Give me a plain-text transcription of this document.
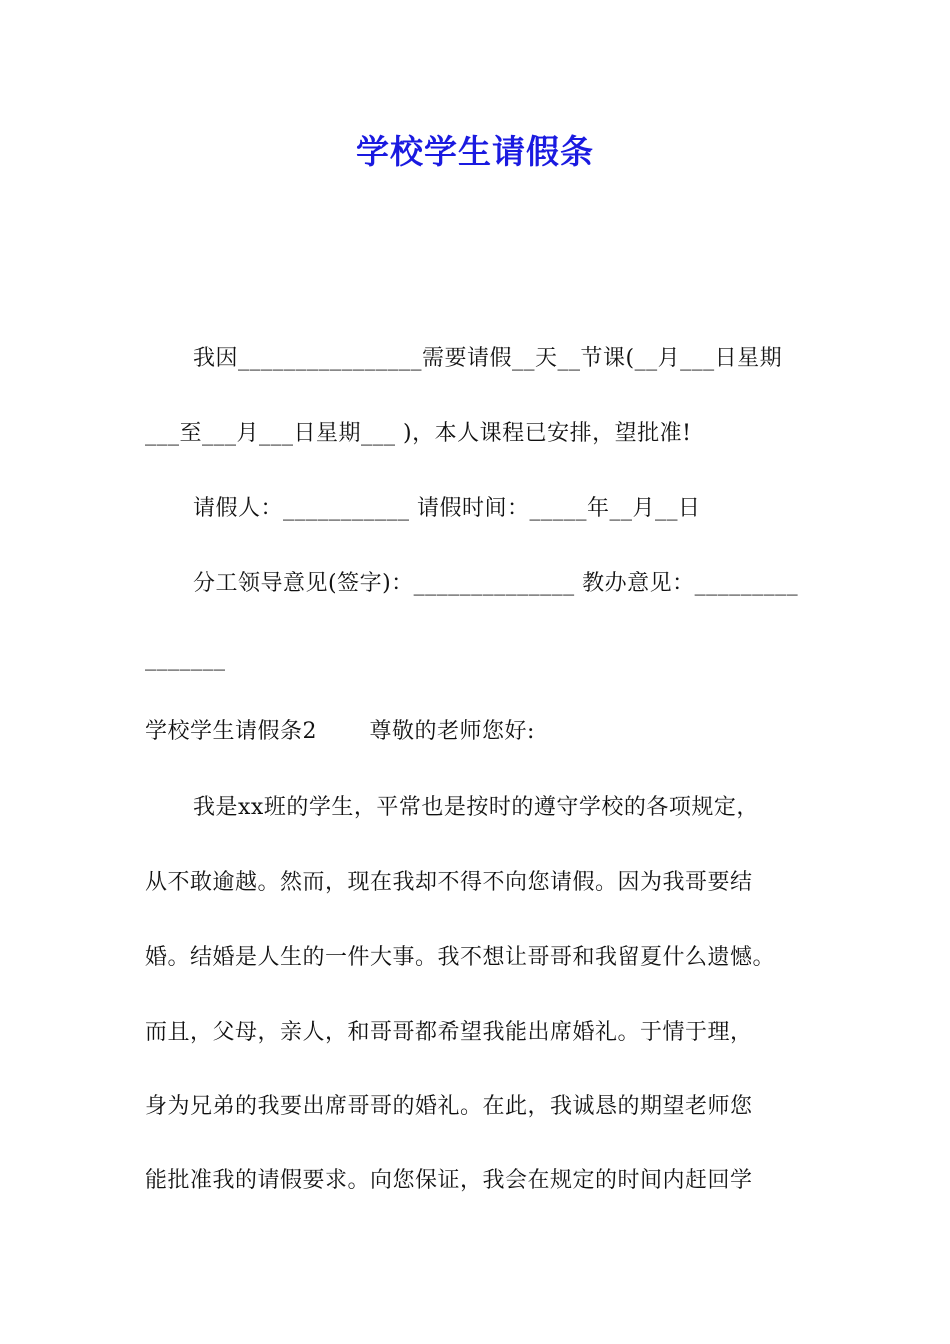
学校学生请假条
我因________________需要请假__天__节课(__月___日星期
___至___月___日星期___ )，本人课程已安排，望批准!
请假人：___________ 请假时间：_____年__月__日
分工领导意见(签字)：______________ 教办意见：_________
_______
学校学生请假条2　　 尊敬的老师您好:
我是xx班的学生，平常也是按时的遵守学校的各项规定，
从不敢逾越。然而，现在我却不得不向您请假。因为我哥要结
婚。结婚是人生的一件大事。我不想让哥哥和我留夏什么遗憾。
而且，父母，亲人，和哥哥都希望我能出席婚礼。于情于理，
身为兄弟的我要出席哥哥的婚礼。在此，我诚恳的期望老师您
能批准我的请假要求。向您保证，我会在规定的时间内赶回学
